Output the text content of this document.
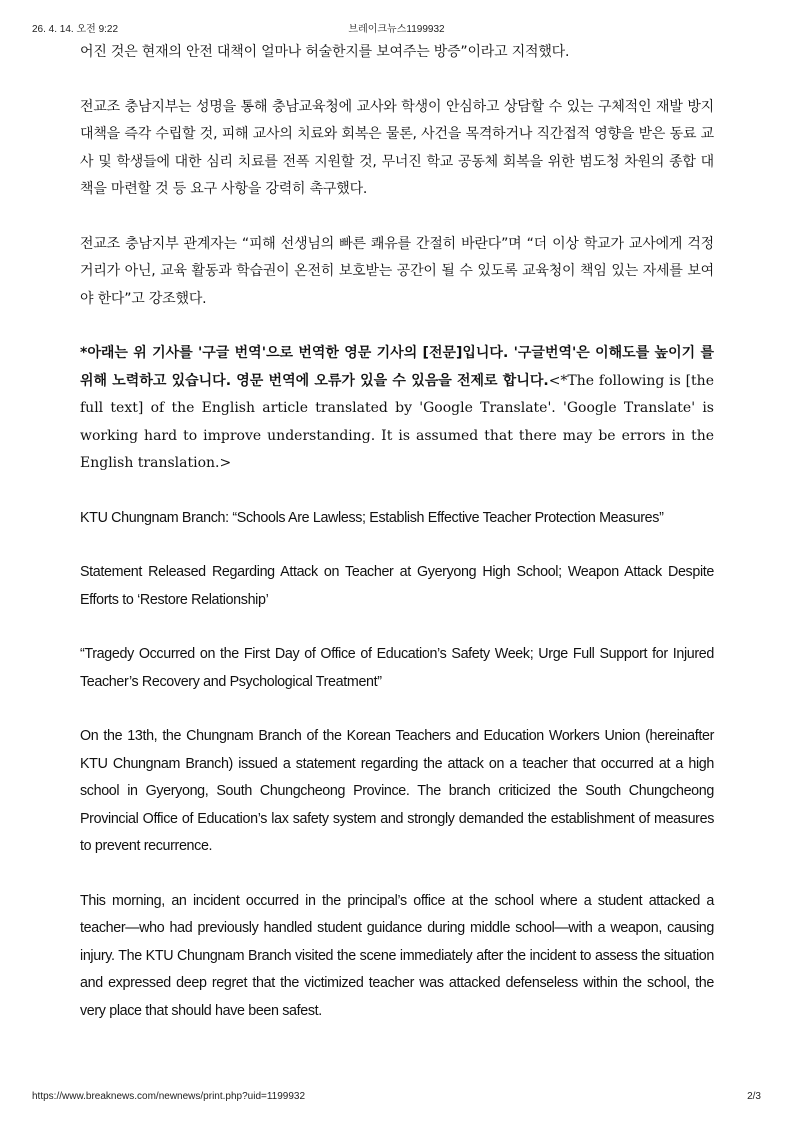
26. 4. 14. 오전 9:22	브레이크뉴스1199932

어진 것은 현재의 안전 대책이 얼마나 허술한지를 보여주는 방증”이라고 지적했다.

전교조 충남지부는 성명을 통해 충남교육청에 교사와 학생이 안심하고 상담할 수 있는 구체적인 재발 방지 대책을 즉각 수립할 것, 피해 교사의 치료와 회복은 물론, 사건을 목격하거나 직간접적 영향을 받은 동료 교사 및 학생들에 대한 심리 치료를 전폭 지원할 것, 무너진 학교 공동체 회복을 위한 범도청 차원의 종합 대책을 마련할 것 등 요구 사항을 강력히 촉구했다.

전교조 충남지부 관계자는 “피해 선생님의 빠른 쾌유를 간절히 바란다”며 “더 이상 학교가 교사에게 걱정거리가 아닌, 교육 활동과 학습권이 온전히 보호받는 공간이 될 수 있도록 교육청이 책임 있는 자세를 보여야 한다”고 강조했다.

*아래는 위 기사를 '구글 번역'으로 번역한 영문 기사의 [전문]입니다. '구글번역'은 이해도를 높이기 를 위해 노력하고 있습니다. 영문 번역에 오류가 있을 수 있음을 전제로 합니다.<*The following is [the full text] of the English article translated by 'Google Translate'. 'Google Translate' is working hard to improve understanding. It is assumed that there may be errors in the English translation.>

KTU Chungnam Branch: “Schools Are Lawless; Establish Effective Teacher Protection Measures”

Statement Released Regarding Attack on Teacher at Gyeryong High School; Weapon Attack Despite Efforts to ‘Restore Relationship’

“Tragedy Occurred on the First Day of Office of Education’s Safety Week; Urge Full Support for Injured Teacher’s Recovery and Psychological Treatment”

On the 13th, the Chungnam Branch of the Korean Teachers and Education Workers Union (hereinafter KTU Chungnam Branch) issued a statement regarding the attack on a teacher that occurred at a high school in Gyeryong, South Chungcheong Province. The branch criticized the South Chungcheong Provincial Office of Education’s lax safety system and strongly demanded the establishment of measures to prevent recurrence.

This morning, an incident occurred in the principal’s office at the school where a student attacked a teacher—who had previously handled student guidance during middle school—with a weapon, causing injury. The KTU Chungnam Branch visited the scene immediately after the incident to assess the situation and expressed deep regret that the victimized teacher was attacked defenseless within the school, the very place that should have been safest.

https://www.breaknews.com/newnews/print.php?uid=1199932	2/3
